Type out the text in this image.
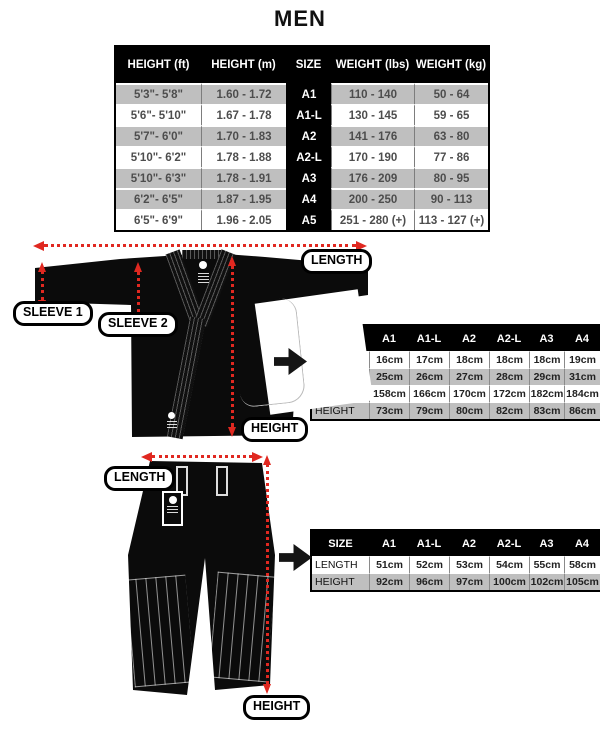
MEN
HEIGHT (ft)	HEIGHT (m)	SIZE	WEIGHT (lbs)	WEIGHT (kg)
5'3"- 5'8"	1.60 - 1.72	A1	110 - 140	50 - 64
5'6"- 5'10"	1.67 - 1.78	A1-L	130 - 145	59 - 65
5'7"- 6'0"	1.70 - 1.83	A2	141 - 176	63 - 80
5'10"- 6'2"	1.78 - 1.88	A2-L	170 - 190	77 - 86
5'10"- 6'3"	1.78 - 1.91	A3	176 - 209	80 - 95
6'2"- 6'5"	1.87 - 1.95	A4	200 - 250	90 - 113
6'5"- 6'9"	1.96 - 2.05	A5	251 - 280 (+)	113 - 127 (+)
LENGTH
SLEEVE 1
SLEEVE 2
HEIGHT
	A1	A1-L	A2	A2-L	A3	A4
	16cm	17cm	18cm	18cm	18cm	19cm
	25cm	26cm	27cm	28cm	29cm	31cm
	158cm	166cm	170cm	172cm	182cm	184cm
HEIGHT	73cm	79cm	80cm	82cm	83cm	86cm
LENGTH
HEIGHT
SIZE	A1	A1-L	A2	A2-L	A3	A4
LENGTH	51cm	52cm	53cm	54cm	55cm	58cm
HEIGHT	92cm	96cm	97cm	100cm	102cm	105cm
